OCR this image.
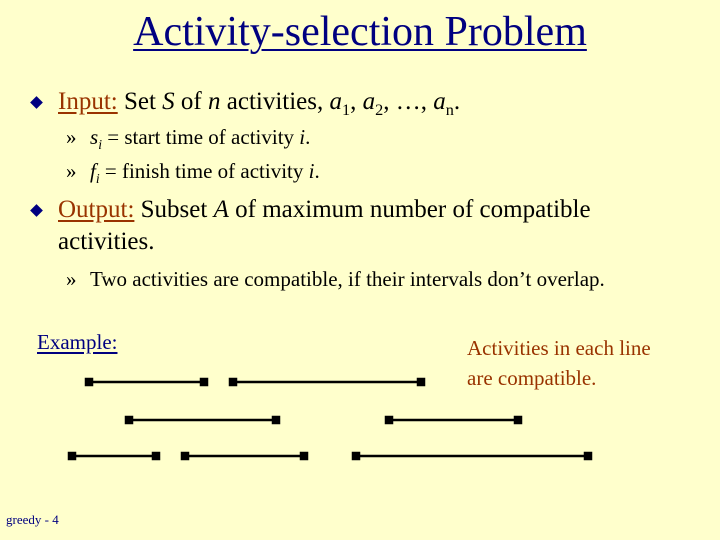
Activity-selection Problem
Input: Set S of n activities, $a_1$, $a_2$, …, $a_n$.
» $s_i$ = start time of activity i.
» $f_i$ = finish time of activity i.
Output: Subset A of maximum number of compatible
activities.
» Two activities are compatible, if their intervals don’t overlap.
Example:	Activities in each line
are compatible.
greedy - 4
